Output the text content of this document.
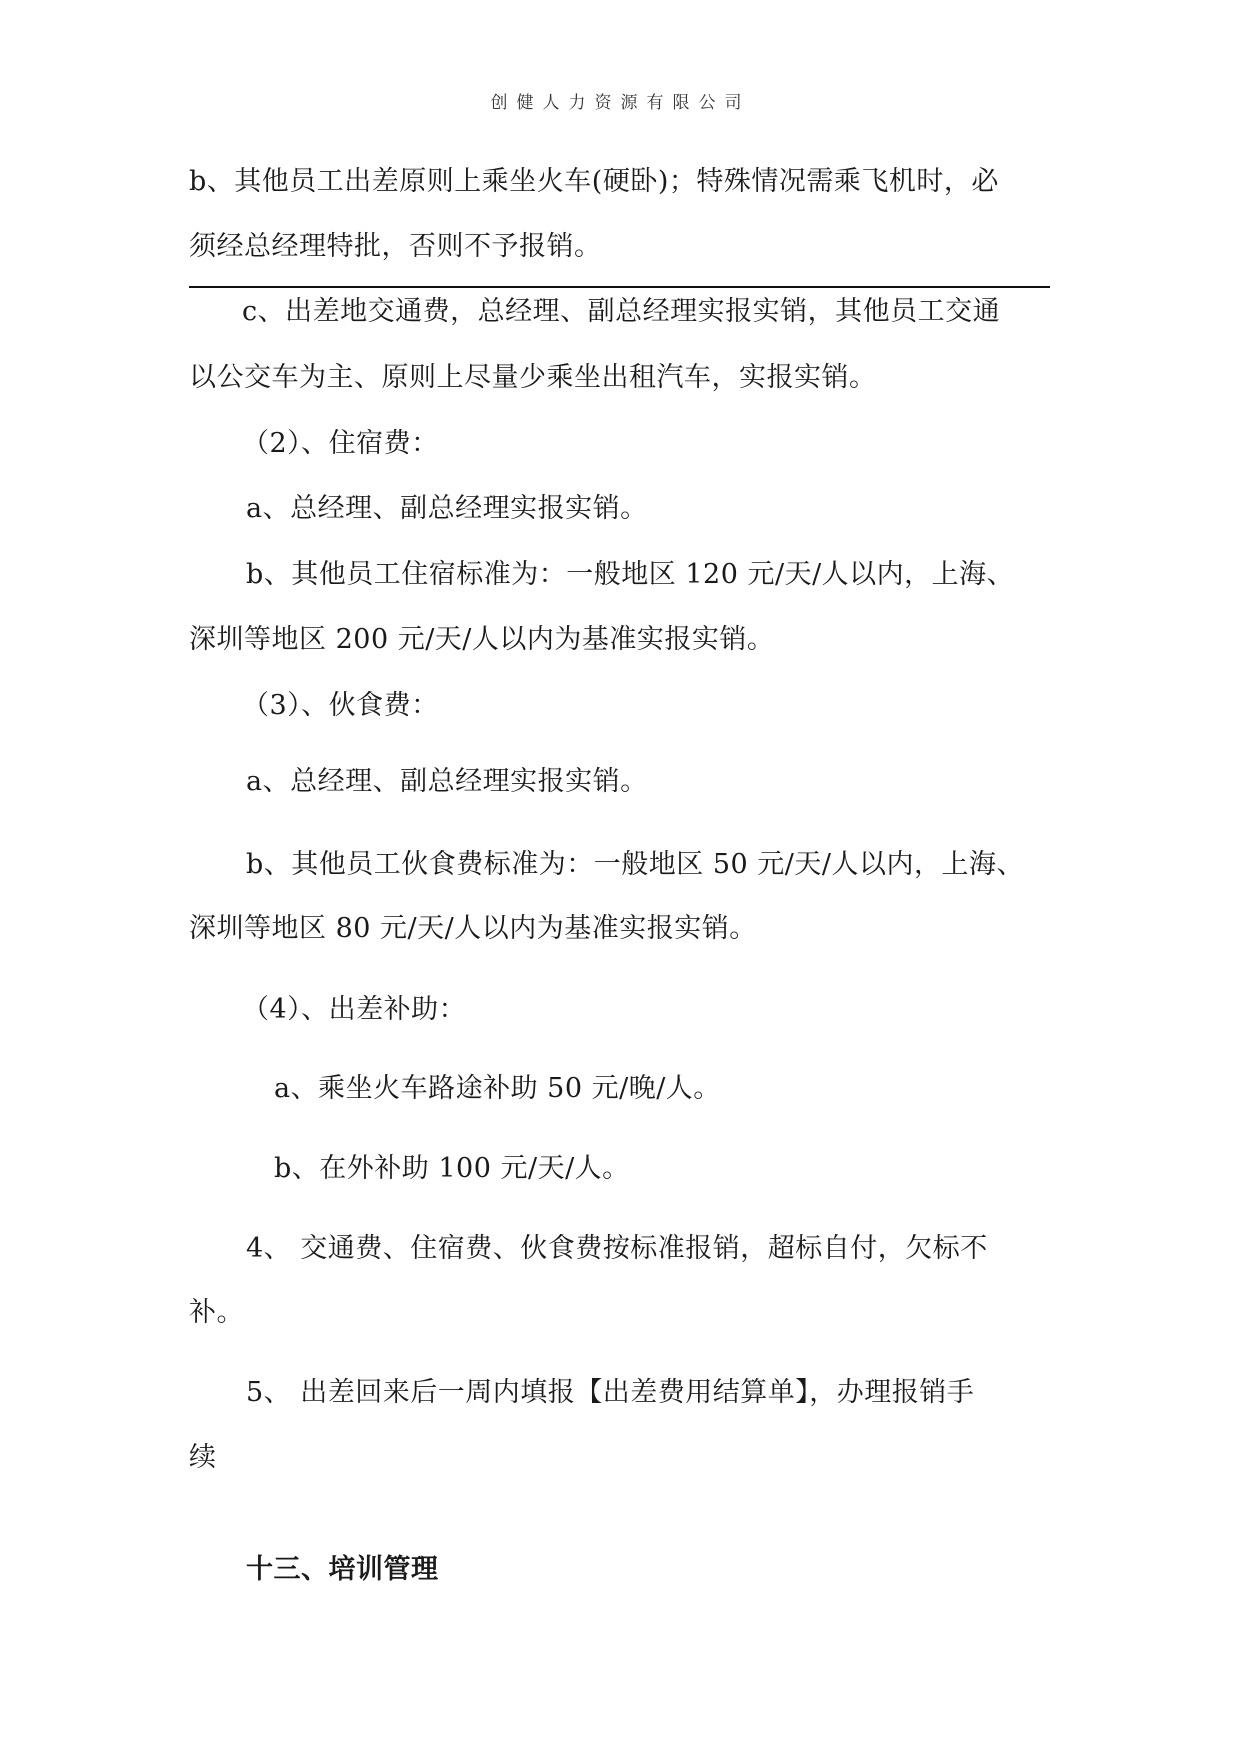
创健人力资源有限公司
b、其他员工出差原则上乘坐火车(硬卧)；特殊情况需乘飞机时，必
须经总经理特批，否则不予报销。
c、出差地交通费，总经理、副总经理实报实销，其他员工交通
以公交车为主、原则上尽量少乘坐出租汽车，实报实销。
（2）、住宿费：
a、总经理、副总经理实报实销。
b、其他员工住宿标准为：一般地区 120 元/天/人以内，上海、
深圳等地区 200 元/天/人以内为基准实报实销。
（3）、伙食费：
a、总经理、副总经理实报实销。
b、其他员工伙食费标准为：一般地区 50 元/天/人以内，上海、
深圳等地区 80 元/天/人以内为基准实报实销。
（4）、出差补助：
a、乘坐火车路途补助 50 元/晚/人。
b、在外补助 100 元/天/人。
4、 交通费、住宿费、伙食费按标准报销，超标自付，欠标不
补。
5、 出差回来后一周内填报【出差费用结算单】，办理报销手
续
十三、培训管理
